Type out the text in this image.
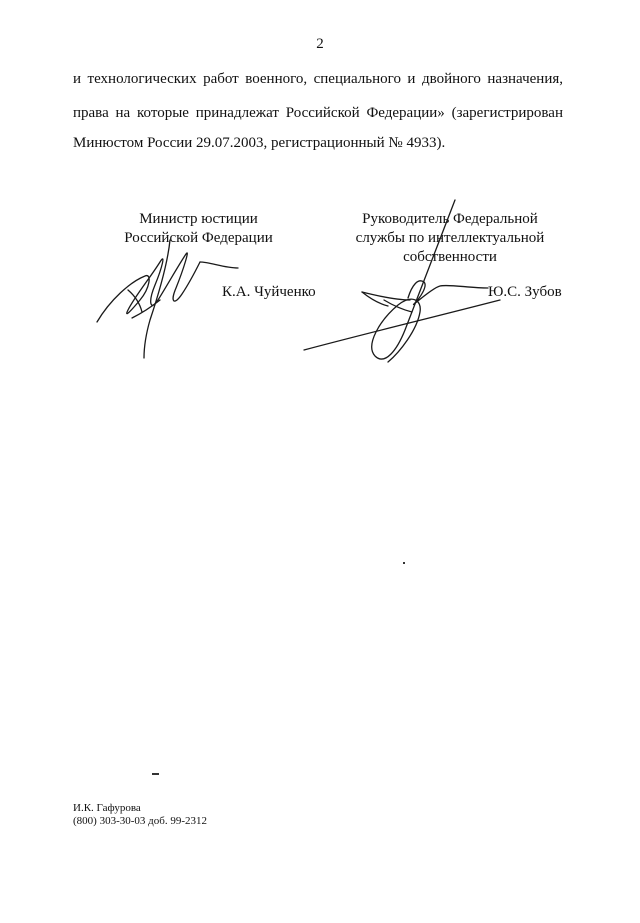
2
и технологических работ военного, специального и двойного назначения,
права на которые принадлежат Российской Федерации» (зарегистрирован
Минюстом России 29.07.2003, регистрационный № 4933).
Министр юстиции
Российской Федерации
К.А. Чуйченко
Руководитель Федеральной
службы по интеллектуальной
собственности
Ю.С. Зубов
И.К. Гафурова
(800) 303-30-03 доб. 99-2312
